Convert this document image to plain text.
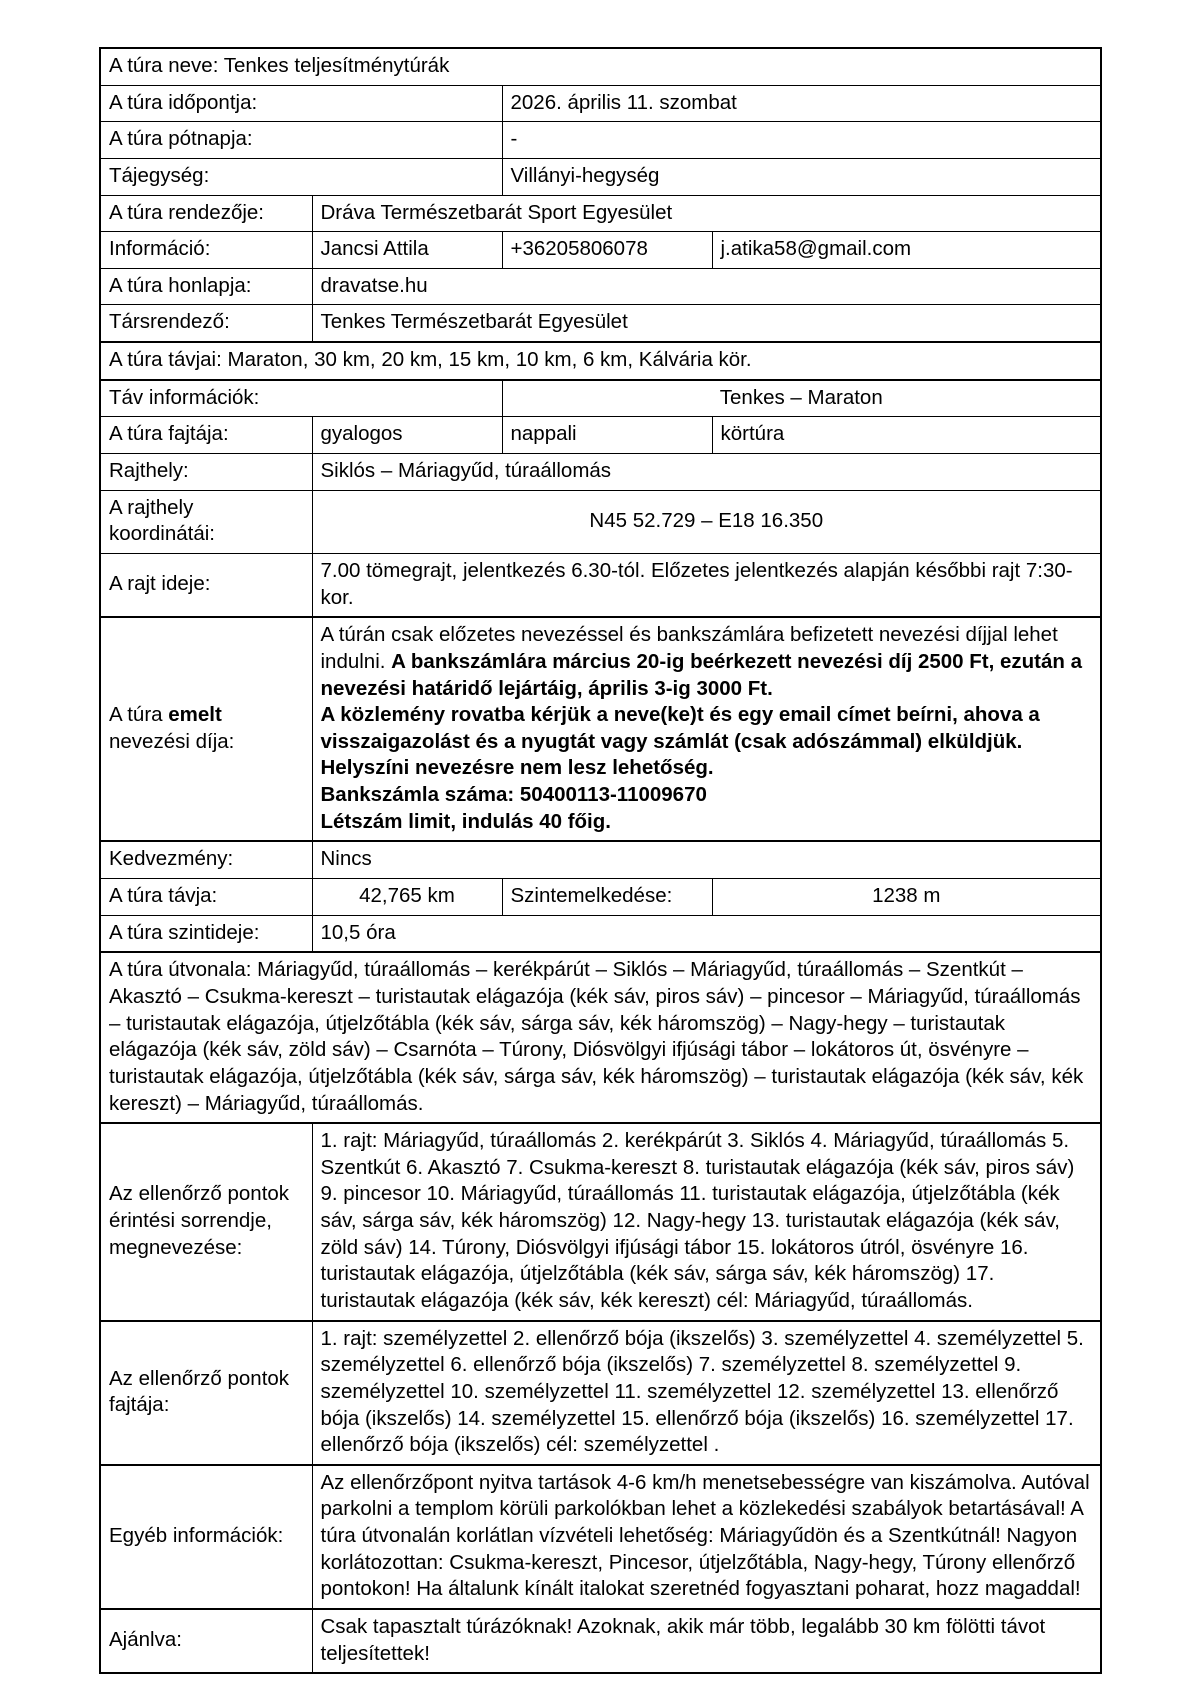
A túra neve: Tenkes teljesítménytúrák			
A túra időpontja:		2026. április 11. szombat	
A túra pótnapja:		-	
Tájegység:		Villányi-hegység	
A túra rendezője:	Dráva Természetbarát Sport Egyesület		
Információ:	Jancsi Attila	+36205806078	j.atika58@gmail.com
A túra honlapja:	dravatse.hu		
Társrendező:	Tenkes Természetbarát Egyesület		
A túra távjai: Maraton, 30 km, 20 km, 15 km, 10 km, 6 km, Kálvária kör.			
Táv információk:		Tenkes – Maraton	
A túra fajtája:	gyalogos	nappali	körtúra
Rajthely:	Siklós – Máriagyűd, túraállomás		
A rajthely koordinátái:	N45 52.729 – E18 16.350		
A rajt ideje:	7.00 tömegrajt, jelentkezés 6.30-tól. Előzetes jelentkezés alapján későbbi rajt 7:30-kor.		
A túra emelt nevezési díja:	A túrán csak előzetes nevezéssel és bankszámlára befizetett nevezési díjjal lehet indulni. A bankszámlára március 20-ig beérkezett nevezési díj 2500 Ft, ezután a nevezési határidő lejártáig, április 3-ig 3000 Ft.

A közlemény rovatba kérjük a neve(ke)t és egy email címet beírni, ahova a visszaigazolást és a nyugtát vagy számlát (csak adószámmal) elküldjük.

Helyszíni nevezésre nem lesz lehetőség.

Bankszámla száma: 50400113-11009670

Létszám limit, indulás 40 főig.		

Kedvezmény:	Nincs		
A túra távja:	42,765 km	Szintemelkedése:	1238 m
A túra szintideje:	10,5 óra		
A túra útvonala: Máriagyűd, túraállomás – kerékpárút – Siklós – Máriagyűd, túraállomás – Szentkút – Akasztó – Csukma-kereszt – turistautak elágazója (kék sáv, piros sáv) – pincesor – Máriagyűd, túraállomás – turistautak elágazója, útjelzőtábla (kék sáv, sárga sáv, kék háromszög) – Nagy-hegy – turistautak elágazója (kék sáv, zöld sáv) – Csarnóta – Túrony, Diósvölgyi ifjúsági tábor – lokátoros út, ösvényre – turistautak elágazója, útjelzőtábla (kék sáv, sárga sáv, kék háromszög) – turistautak elágazója (kék sáv, kék kereszt) – Máriagyűd, túraállomás.			
Az ellenőrző pontok érintési sorrendje, megnevezése:	1. rajt: Máriagyűd, túraállomás 2. kerékpárút 3. Siklós 4. Máriagyűd, túraállomás 5. Szentkút 6. Akasztó 7. Csukma-kereszt 8. turistautak elágazója (kék sáv, piros sáv) 9. pincesor 10. Máriagyűd, túraállomás 11. turistautak elágazója, útjelzőtábla (kék sáv, sárga sáv, kék háromszög) 12. Nagy-hegy 13. turistautak elágazója (kék sáv, zöld sáv) 14. Túrony, Diósvölgyi ifjúsági tábor 15. lokátoros útról, ösvényre 16. turistautak elágazója, útjelzőtábla (kék sáv, sárga sáv, kék háromszög) 17. turistautak elágazója (kék sáv, kék kereszt) cél: Máriagyűd, túraállomás.		
Az ellenőrző pontok fajtája:	1. rajt: személyzettel 2. ellenőrző bója (ikszelős) 3. személyzettel 4. személyzettel 5. személyzettel 6. ellenőrző bója (ikszelős) 7. személyzettel 8. személyzettel 9. személyzettel 10. személyzettel 11. személyzettel 12. személyzettel 13. ellenőrző bója (ikszelős) 14. személyzettel 15. ellenőrző bója (ikszelős) 16. személyzettel 17. ellenőrző bója (ikszelős) cél: személyzettel .		
Egyéb információk:	Az ellenőrzőpont nyitva tartások 4-6 km/h menetsebességre van kiszámolva. Autóval parkolni a templom körüli parkolókban lehet a közlekedési szabályok betartásával! A túra útvonalán korlátlan vízvételi lehetőség: Máriagyűdön és a Szentkútnál! Nagyon korlátozottan: Csukma-kereszt, Pincesor, útjelzőtábla, Nagy-hegy, Túrony ellenőrző pontokon! Ha általunk kínált italokat szeretnéd fogyasztani poharat, hozz magaddal!		
Ajánlva:	Csak tapasztalt túrázóknak! Azoknak, akik már több, legalább 30 km fölötti távot teljesítettek!		
